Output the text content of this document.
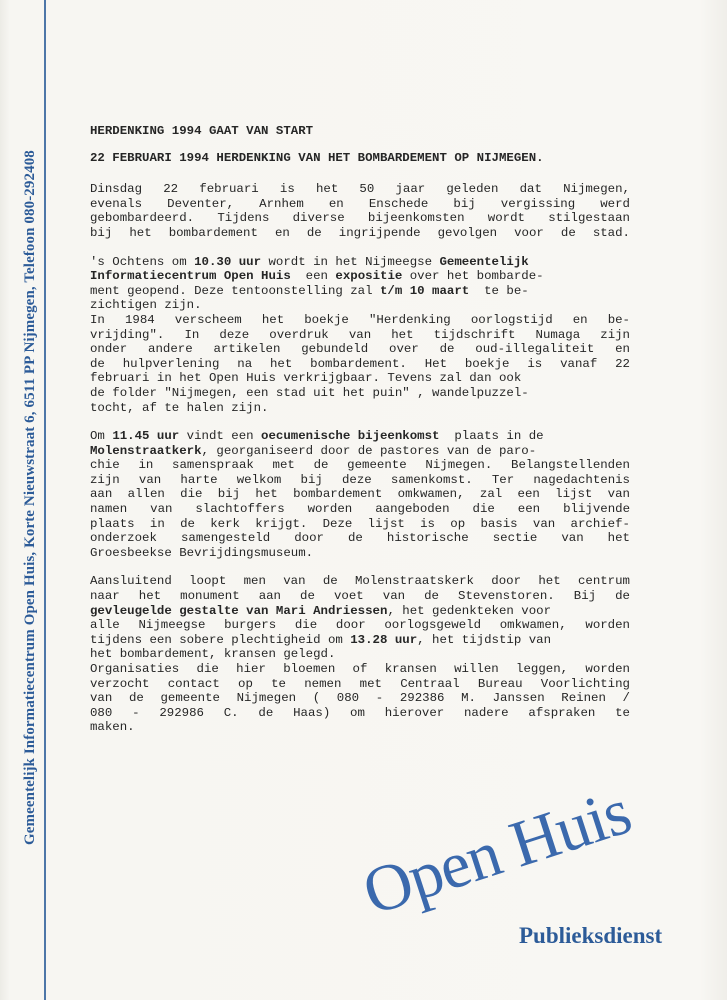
Gemeentelijk Informatiecentrum Open Huis, Korte Nieuwstraat 6, 6511 PP Nijmegen, Telefoon 080-292408
HERDENKING 1994 GAAT VAN START
22 FEBRUARI 1994 HERDENKING VAN HET BOMBARDEMENT OP NIJMEGEN.
Dinsdag 22 februari is het 50 jaar geleden dat Nijmegen,
evenals Deventer, Arnhem en Enschede bij vergissing werd
gebombardeerd. Tijdens diverse bijeenkomsten wordt stilgestaan
bij het bombardement en de ingrijpende gevolgen voor de stad.
's Ochtens om 10.30 uur wordt in het Nijmeegse Gemeentelijk
Informatiecentrum Open Huis  een expositie over het bombarde-
ment geopend. Deze tentoonstelling zal t/m 10 maart  te be-
zichtigen zijn.
In 1984 verscheem het boekje "Herdenking oorlogstijd en be-
vrijding". In deze overdruk van het tijdschrift Numaga zijn
onder andere artikelen gebundeld over de oud-illegaliteit en
de hulpverlening na het bombardement. Het boekje is vanaf 22
februari in het Open Huis verkrijgbaar. Tevens zal dan ook
de folder "Nijmegen, een stad uit het puin" , wandelpuzzel-
tocht, af te halen zijn.
Om 11.45 uur vindt een oecumenische bijeenkomst  plaats in de
Molenstraatkerk, georganiseerd door de pastores van de paro-
chie in samenspraak met de gemeente Nijmegen. Belangstellenden
zijn van harte welkom bij deze samenkomst. Ter nagedachtenis
aan allen die bij het bombardement omkwamen, zal een lijst van
namen van slachtoffers worden aangeboden die een blijvende
plaats in de kerk krijgt. Deze lijst is op basis van archief-
onderzoek samengesteld door de historische sectie van het
Groesbeekse Bevrijdingsmuseum.
Aansluitend loopt men van de Molenstraatskerk door het centrum
naar het monument aan de voet van de Stevenstoren. Bij de
gevleugelde gestalte van Mari Andriessen, het gedenkteken voor
alle Nijmeegse burgers die door oorlogsgeweld omkwamen, worden
tijdens een sobere plechtigheid om 13.28 uur, het tijdstip van
het bombardement, kransen gelegd.
Organisaties die hier bloemen of kransen willen leggen, worden
verzocht contact op te nemen met Centraal Bureau Voorlichting
van de gemeente Nijmegen ( 080 - 292386 M. Janssen Reinen /
080 - 292986 C. de Haas) om hierover nadere afspraken te
maken.
Open Huis
Publieksdienst
